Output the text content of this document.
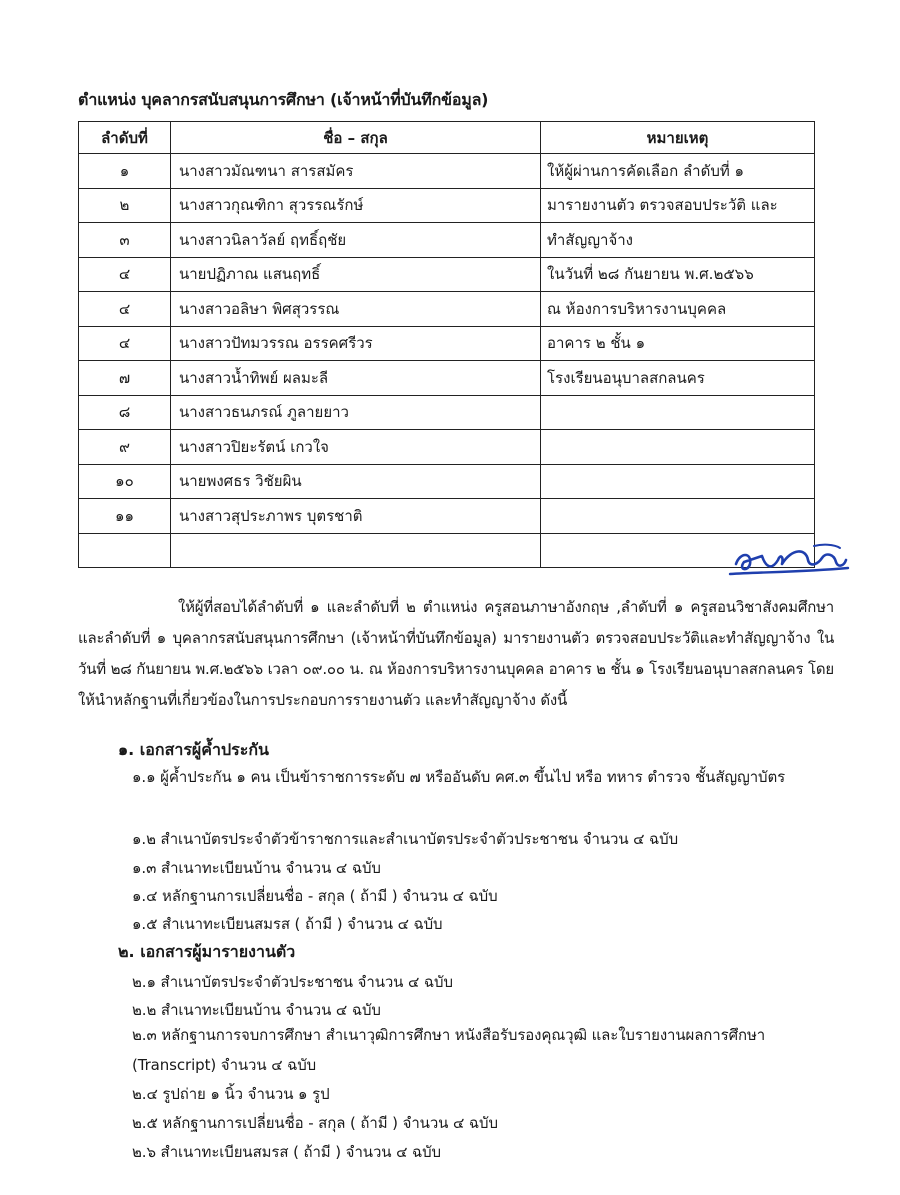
ตำแหน่ง บุคลากรสนับสนุนการศึกษา (เจ้าหน้าที่บันทึกข้อมูล)
ลำดับที่	ชื่อ – สกุล	หมายเหตุ
๑	นางสาวมัณฑนา สารสมัคร	ให้ผู้ผ่านการคัดเลือก ลำดับที่ ๑
๒	นางสาวกุณฑิกา สุวรรณรักษ์	มารายงานตัว ตรวจสอบประวัติ และ
๓	นางสาวนิลาวัลย์ ฤทธิ์ฤชัย	ทำสัญญาจ้าง
๔	นายปฏิภาณ แสนฤทธิ์	ในวันที่ ๒๘ กันยายน พ.ศ.๒๕๖๖
๔	นางสาวอลิษา พิศสุวรรณ	ณ ห้องการบริหารงานบุคคล
๔	นางสาวปัทมวรรณ อรรคศรีวร	อาคาร ๒ ชั้น ๑
๗	นางสาวน้ำทิพย์ ผลมะลี	โรงเรียนอนุบาลสกลนคร
๘	นางสาวธนภรณ์ ภูลายยาว	
๙	นางสาวปิยะรัตน์ เกวใจ	
๑๐	นายพงศธร วิชัยผิน	
๑๑	นางสาวสุประภาพร บุตรชาติ	

ให้ผู้ที่สอบได้ลำดับที่ ๑ และลำดับที่ ๒ ตำแหน่ง ครูสอนภาษาอังกฤษ ,ลำดับที่ ๑ ครูสอนวิชาสังคมศึกษา และลำดับที่ ๑ บุคลากรสนับสนุนการศึกษา (เจ้าหน้าที่บันทึกข้อมูล) มารายงานตัว ตรวจสอบประวัติและทำสัญญาจ้าง ในวันที่ ๒๘ กันยายน พ.ศ.๒๕๖๖ เวลา ๐๙.๐๐ น. ณ ห้องการบริหารงานบุคคล อาคาร ๒ ชั้น ๑ โรงเรียนอนุบาลสกลนคร โดยให้นำหลักฐานที่เกี่ยวข้องในการประกอบการรายงานตัว และทำสัญญาจ้าง ดังนี้
๑. เอกสารผู้ค้ำประกัน
๑.๑ ผู้ค้ำประกัน ๑ คน เป็นข้าราชการระดับ ๗ หรืออันดับ คศ.๓ ขึ้นไป หรือ ทหาร ตำรวจ ชั้นสัญญาบัตร
๑.๒ สำเนาบัตรประจำตัวข้าราชการและสำเนาบัตรประจำตัวประชาชน จำนวน ๔ ฉบับ
๑.๓ สำเนาทะเบียนบ้าน จำนวน ๔ ฉบับ
๑.๔ หลักฐานการเปลี่ยนชื่อ - สกุล ( ถ้ามี ) จำนวน ๔ ฉบับ
๑.๕ สำเนาทะเบียนสมรส ( ถ้ามี ) จำนวน ๔ ฉบับ
๒. เอกสารผู้มารายงานตัว
๒.๑ สำเนาบัตรประจำตัวประชาชน จำนวน ๔ ฉบับ
๒.๒ สำเนาทะเบียนบ้าน จำนวน ๔ ฉบับ
๒.๓ หลักฐานการจบการศึกษา สำเนาวุฒิการศึกษา หนังสือรับรองคุณวุฒิ และใบรายงานผลการศึกษา (Transcript) จำนวน ๔ ฉบับ
๒.๔ รูปถ่าย ๑ นิ้ว จำนวน ๑ รูป
๒.๕ หลักฐานการเปลี่ยนชื่อ - สกุล ( ถ้ามี ) จำนวน ๔ ฉบับ
๒.๖ สำเนาทะเบียนสมรส ( ถ้ามี ) จำนวน ๔ ฉบับ
